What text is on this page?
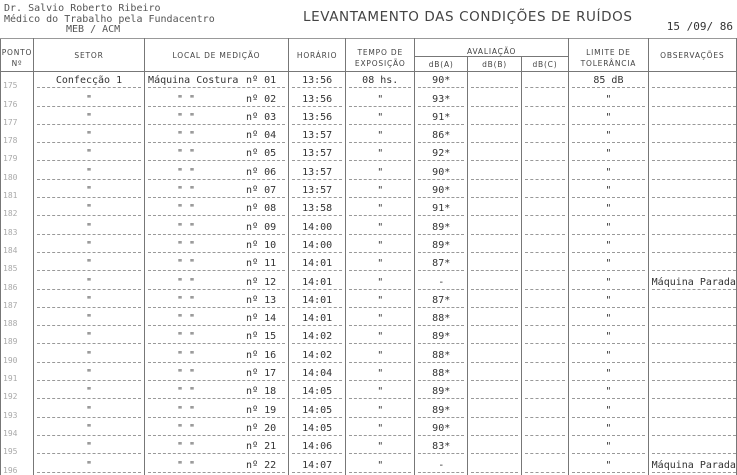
Dr. Salvio Roberto Ribeiro
Médico do Trabalho pela Fundacentro
MEB / ACM
LEVANTAMENTO DAS CONDIÇÕES DE RUÍDOS
15 /09/ 86
PONTO	SETOR	LOCAL DE MEDIÇÃO	HORÁRIO	TEMPO DE	AVALIAÇÃO			LIMITE DE	OBSERVAÇÕES
Nº				EXPOSIÇÃO	dB(A)	dB(B)	dB(C)	TOLERÂNCIA	
175	Confecção 1	Máquina Costura nº 01	13:56	08 hs.	90*			85 dB	

176	"	" " nº 02	13:56	"	93*			"	

177	"	" " nº 03	13:56	"	91*			"	

178	"	" " nº 04	13:57	"	86*			"	

179	"	" " nº 05	13:57	"	92*			"	

180	"	" " nº 06	13:57	"	90*			"	

181	"	" " nº 07	13:57	"	90*			"	

182	"	" " nº 08	13:58	"	91*			"	

183	"	" " nº 09	14:00	"	89*			"	

184	"	" " nº 10	14:00	"	89*			"	

185	"	" " nº 11	14:01	"	87*			"	

186	"	" " nº 12	14:01	"	-			"	Máquina Parada

187	"	" " nº 13	14:01	"	87*			"	

188	"	" " nº 14	14:01	"	88*			"	

189	"	" " nº 15	14:02	"	89*			"	

190	"	" " nº 16	14:02	"	88*			"	

191	"	" " nº 17	14:04	"	88*			"	

192	"	" " nº 18	14:05	"	89*			"	

193	"	" " nº 19	14:05	"	89*			"	

194	"	" " nº 20	14:05	"	90*			"	

195	"	" " nº 21	14:06	"	83*			"	

196	"	" " nº 22	14:07	"	-			"	Máquina Parada
